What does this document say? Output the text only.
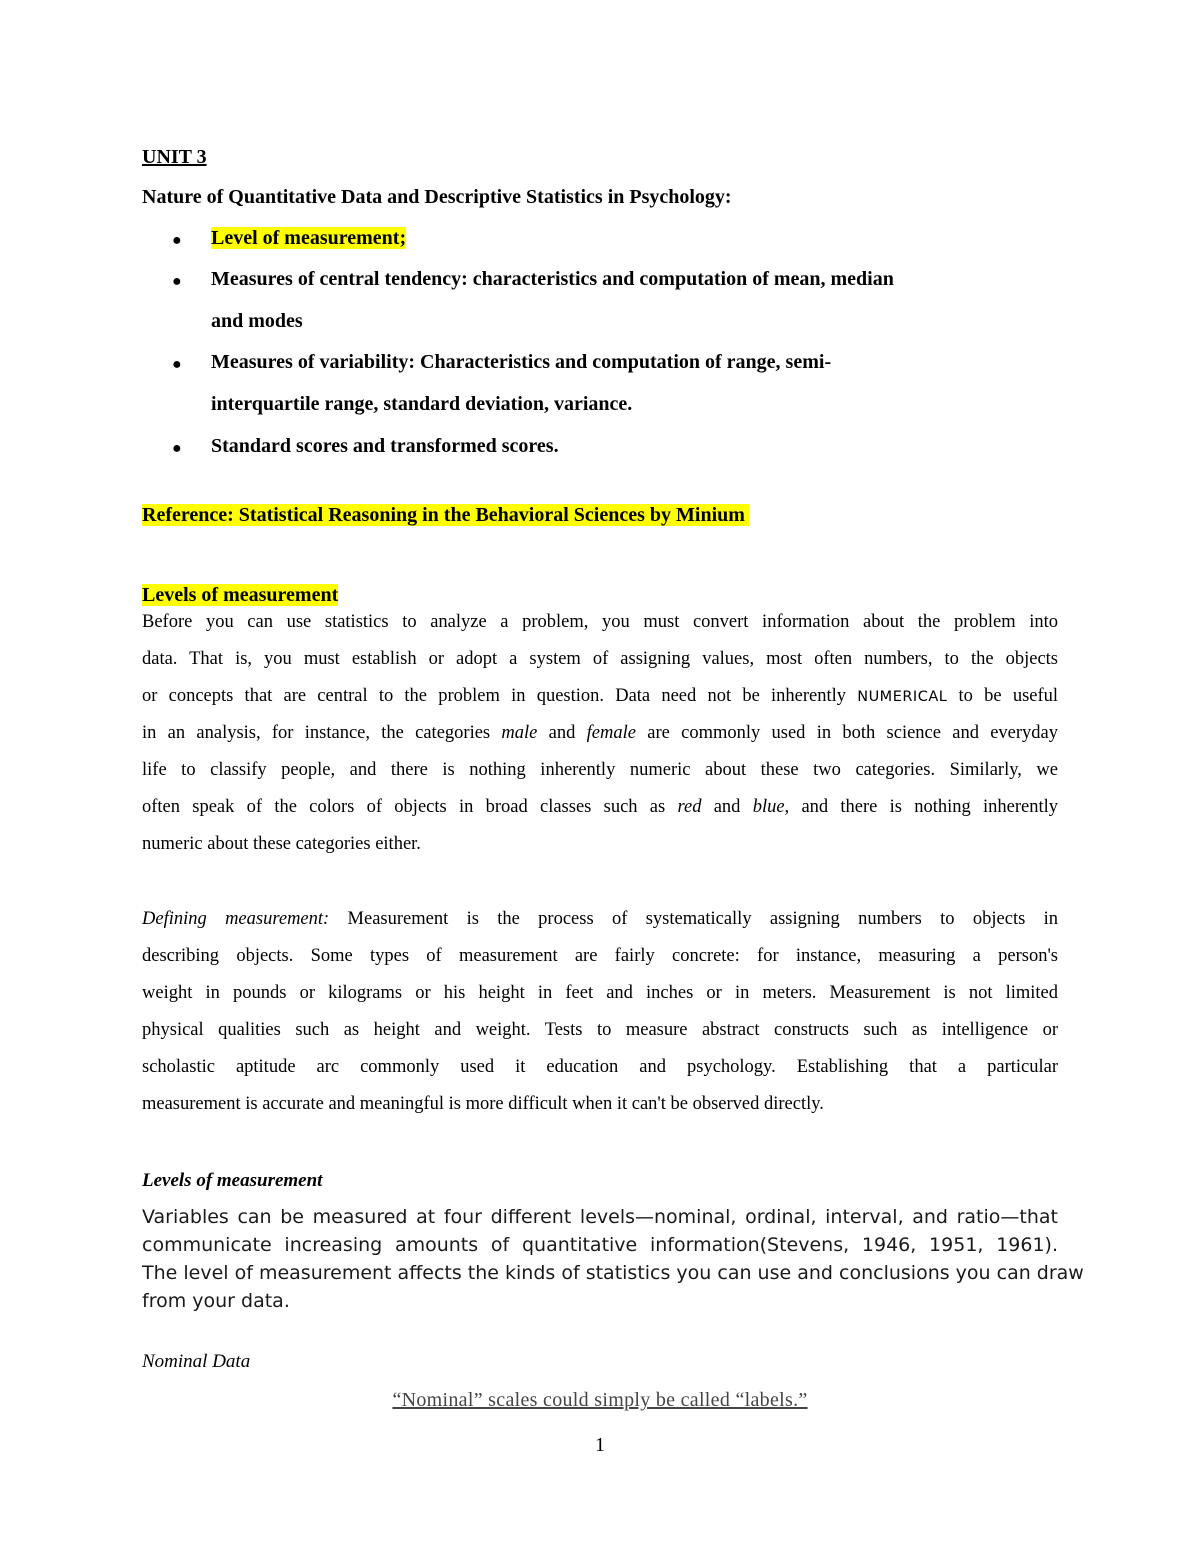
UNIT 3
Nature of Quantitative Data and Descriptive Statistics in Psychology:
● Level of measurement;
● Measures of central tendency: characteristics and computation of mean, median
and modes
● Measures of variability: Characteristics and computation of range, semi-
interquartile range, standard deviation, variance.
● Standard scores and transformed scores.
Reference: Statistical Reasoning in the Behavioral Sciences by Minium
Levels of measurement
Before you can use statistics to analyze a problem, you must convert information about the problem into
data. That is, you must establish or adopt a system of assigning values, most often numbers, to the objects
or concepts that are central to the problem in question. Data need not be inherently NUMERICAL to be useful
in an analysis, for instance, the categories male and female are commonly used in both science and everyday
life to classify people, and there is nothing inherently numeric about these two categories. Similarly, we
often speak of the colors of objects in broad classes such as red and blue, and there is nothing inherently
numeric about these categories either.
Defining measurement: Measurement is the process of systematically assigning numbers to objects in
describing objects. Some types of measurement are fairly concrete: for instance, measuring a person's
weight in pounds or kilograms or his height in feet and inches or in meters. Measurement is not limited
physical qualities such as height and weight. Tests to measure abstract constructs such as intelligence or
scholastic aptitude arc commonly used it education and psychology. Establishing that a particular
measurement is accurate and meaningful is more difficult when it can't be observed directly.
Levels of measurement
Variables can be measured at four different levels—nominal, ordinal, interval, and ratio—that
communicate increasing amounts of quantitative information(Stevens, 1946, 1951, 1961).
The level of measurement affects the kinds of statistics you can use and conclusions you can draw
from your data.
Nominal Data
“Nominal” scales could simply be called “labels.”
1
